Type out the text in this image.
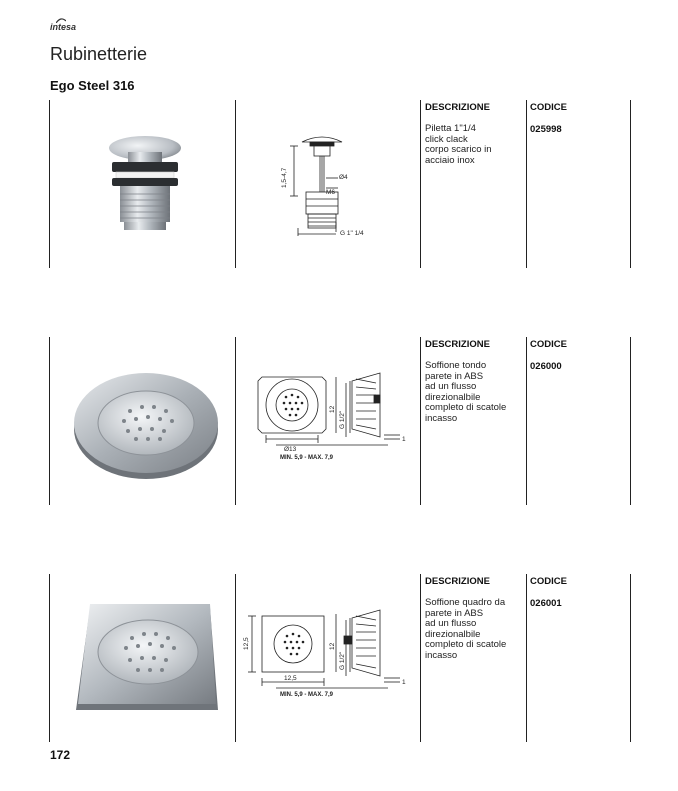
intesa
Rubinetterie
Ego Steel 316
1,5-4,7	Ø4
M6
G 1" 1/4
DESCRIZIONE	CODICE
Piletta 1"1/4
click clack
corpo scarico in
acciaio inox
025998
Ø13
12
G 1/2"
MIN. 5,9 - MAX. 7,9
1
DESCRIZIONE	CODICE
Soffione tondo
parete in ABS
ad un flusso
direzionalbile
completo di scatole
incasso
026000
12,5
12,5
12
G 1/2"
MIN. 5,9 - MAX. 7,9
1
DESCRIZIONE	CODICE
Soffione quadro da
parete in ABS
ad un flusso
direzionalbile
completo di scatole
incasso
026001
172
